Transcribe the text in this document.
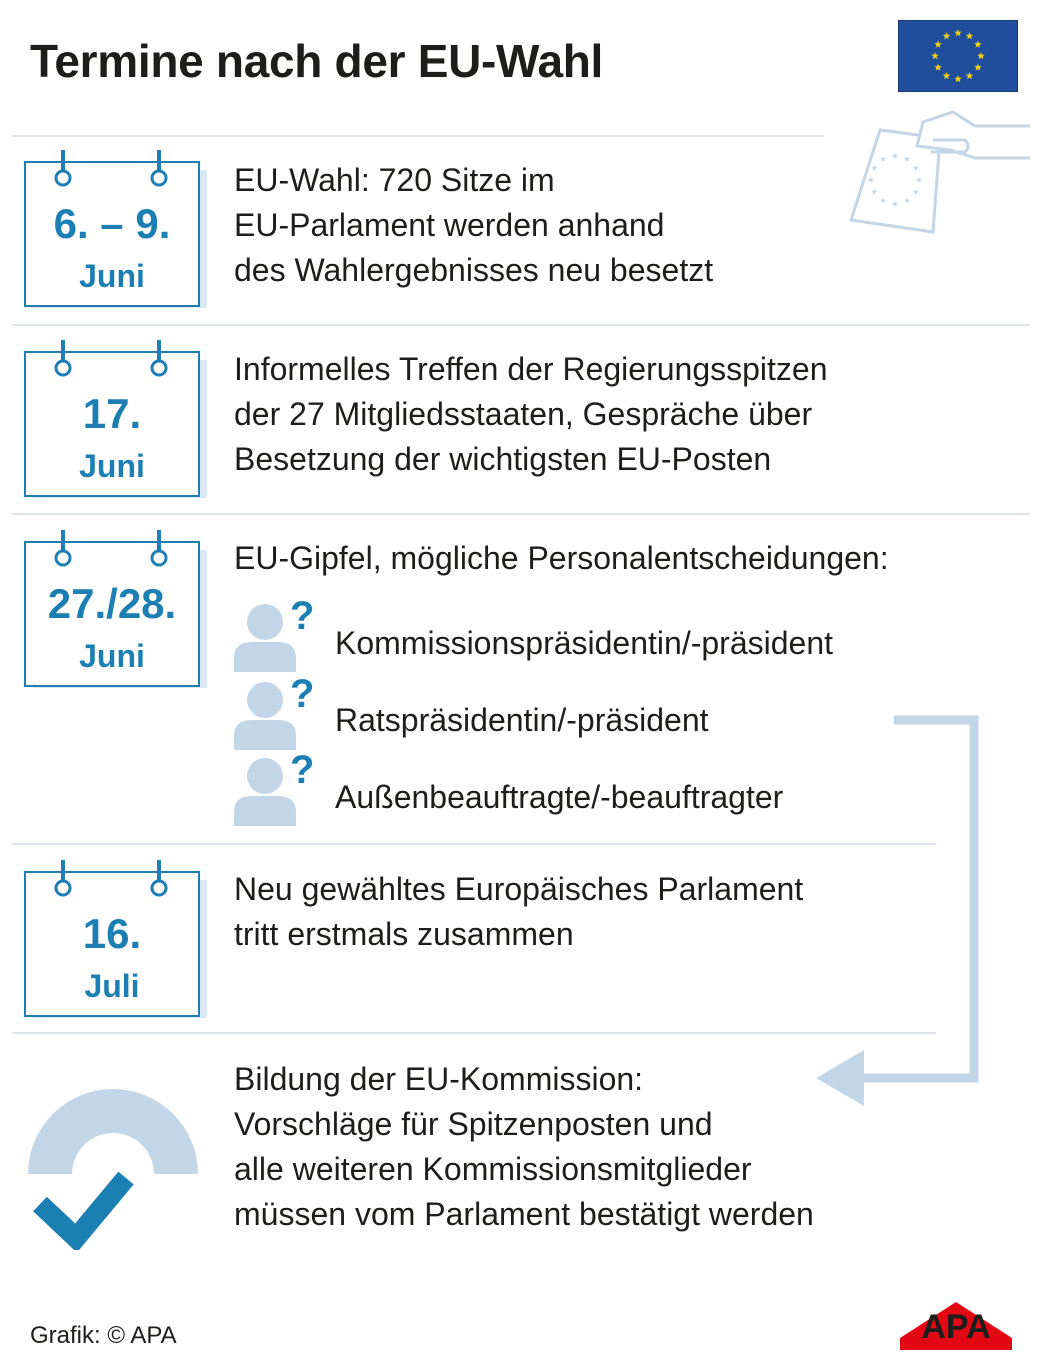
Termine nach der EU-Wahl
6. – 9.
Juni
EU-Wahl: 720 Sitze im
EU-Parlament werden anhand
des Wahlergebnisses neu besetzt
17.
Juni
Informelles Treffen der Regierungsspitzen
der 27 Mitgliedsstaaten, Gespräche über
Besetzung der wichtigsten EU-Posten
27./28.
Juni
EU-Gipfel, mögliche Personalentscheidungen:
?
Kommissionspräsidentin/-präsident
?
Ratspräsidentin/-präsident
?
Außenbeauftragte/-beauftragter
16.
Juli
Neu gewähltes Europäisches Parlament
tritt erstmals zusammen
Bildung der EU-Kommission:
Vorschläge für Spitzenposten und
alle weiteren Kommissionsmitglieder
müssen vom Parlament bestätigt werden
Grafik: © APA	APA
